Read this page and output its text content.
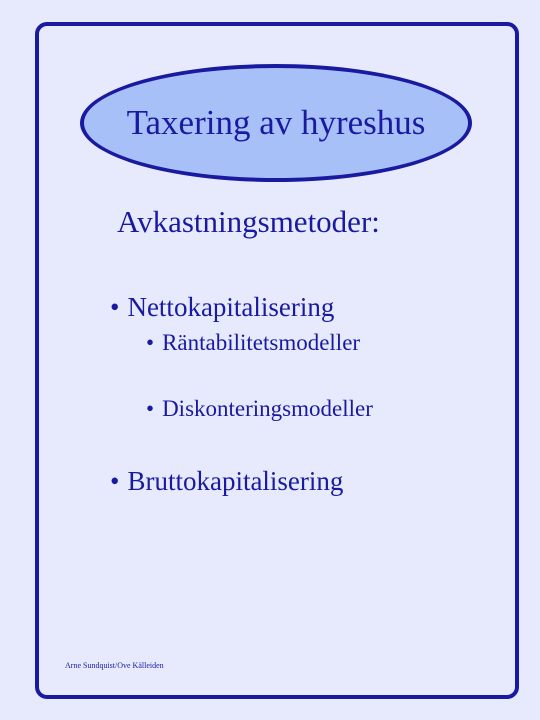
Taxering av hyreshus
Avkastningsmetoder:
• Nettokapitalisering
• Räntabilitetsmodeller
• Diskonteringsmodeller
• Bruttokapitalisering
Arne Sundquist/Ove Källeiden
